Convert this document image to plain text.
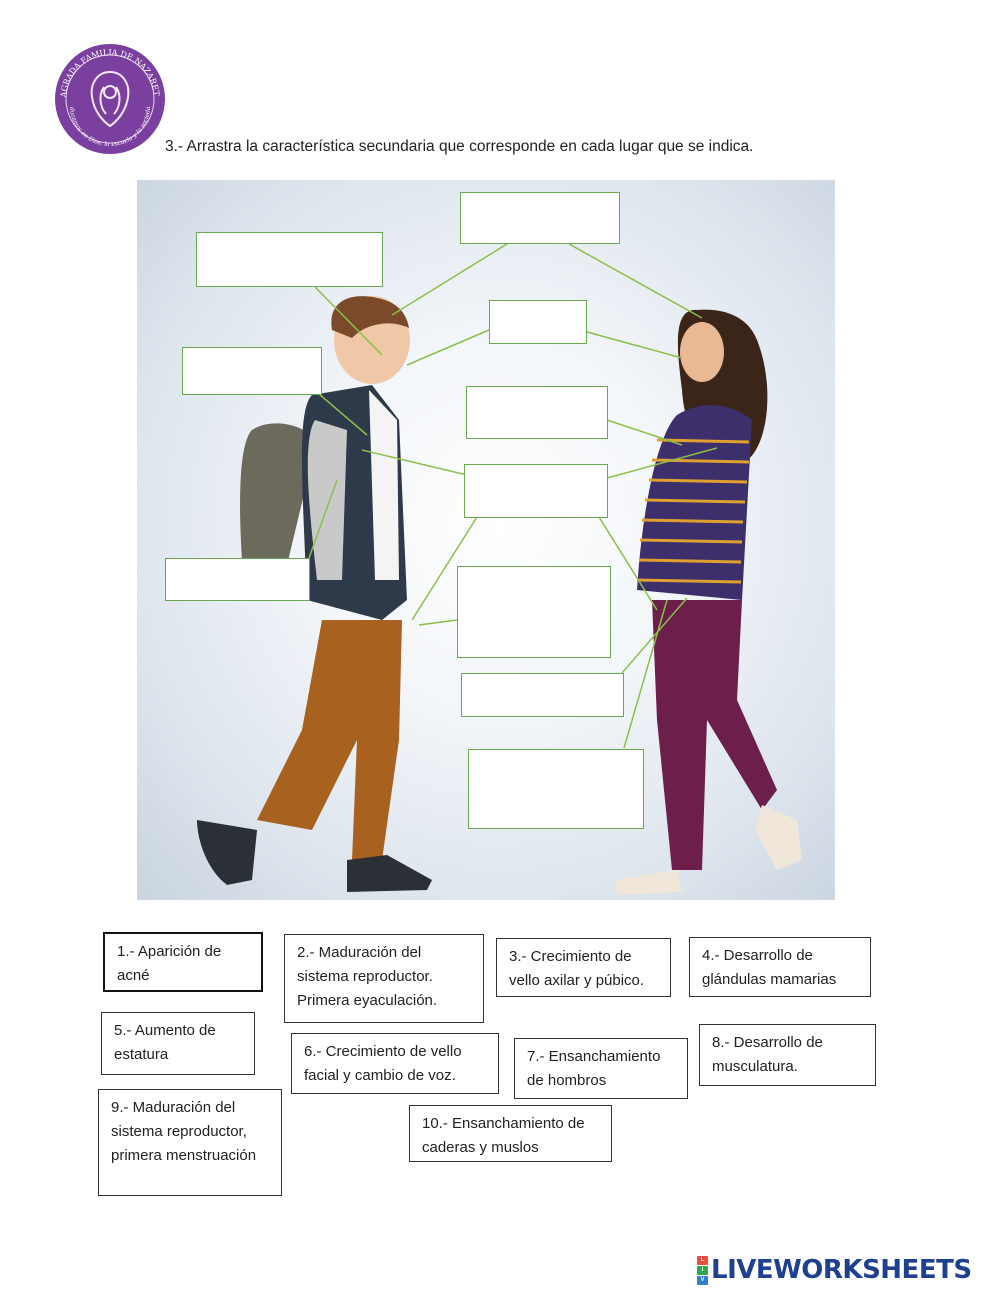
AGRADA FAMILIA DE NAZARET
ducamos en Dios, la escuela y la socieda
3.- Arrastra la característica secundaria que corresponde en cada lugar que se indica.
1.- Aparición de acné
2.- Maduración del sistema reproductor. Primera eyaculación.
3.- Crecimiento de vello axilar y púbico.
4.- Desarrollo de glándulas mamarias
5.- Aumento de estatura	6.- Crecimiento de vello facial y cambio de voz.
7.- Ensanchamiento de hombros
8.- Desarrollo de musculatura.
9.- Maduración del sistema reproductor, primera menstruación
10.- Ensanchamiento de caderas y muslos
L
I
V LIVEWORKSHEETS
